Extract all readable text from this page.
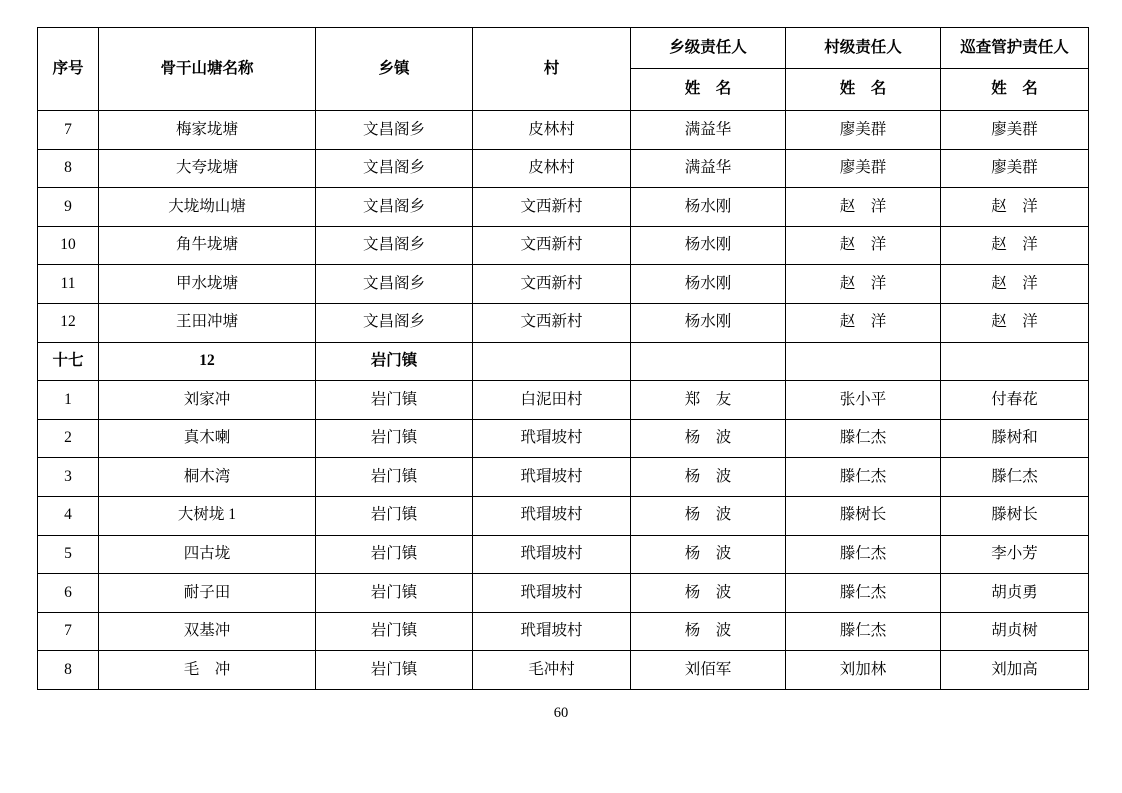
序号	骨干山塘名称	乡镇	村	乡级责任人	村级责任人	巡查管护责任人
				姓　名	姓　名	姓　名
7	梅家垅塘	文昌阁乡	皮林村	满益华	廖美群	廖美群
8	大夸垅塘	文昌阁乡	皮林村	满益华	廖美群	廖美群
9	大垅坳山塘	文昌阁乡	文西新村	杨水刚	赵　洋	赵　洋
10	角牛垅塘	文昌阁乡	文西新村	杨水刚	赵　洋	赵　洋
11	甲水垅塘	文昌阁乡	文西新村	杨水刚	赵　洋	赵　洋
12	王田冲塘	文昌阁乡	文西新村	杨水刚	赵　洋	赵　洋
十七	12	岩门镇				
1	刘家冲	岩门镇	白泥田村	郑　友	张小平	付春花
2	真木喇	岩门镇	玳瑁坡村	杨　波	滕仁杰	滕树和
3	桐木湾	岩门镇	玳瑁坡村	杨　波	滕仁杰	滕仁杰
4	大树垅 1	岩门镇	玳瑁坡村	杨　波	滕树长	滕树长
5	四古垅	岩门镇	玳瑁坡村	杨　波	滕仁杰	李小芳
6	耐子田	岩门镇	玳瑁坡村	杨　波	滕仁杰	胡贞勇
7	双基冲	岩门镇	玳瑁坡村	杨　波	滕仁杰	胡贞树
8	毛　冲	岩门镇	毛冲村	刘佰军	刘加林	刘加高
60
